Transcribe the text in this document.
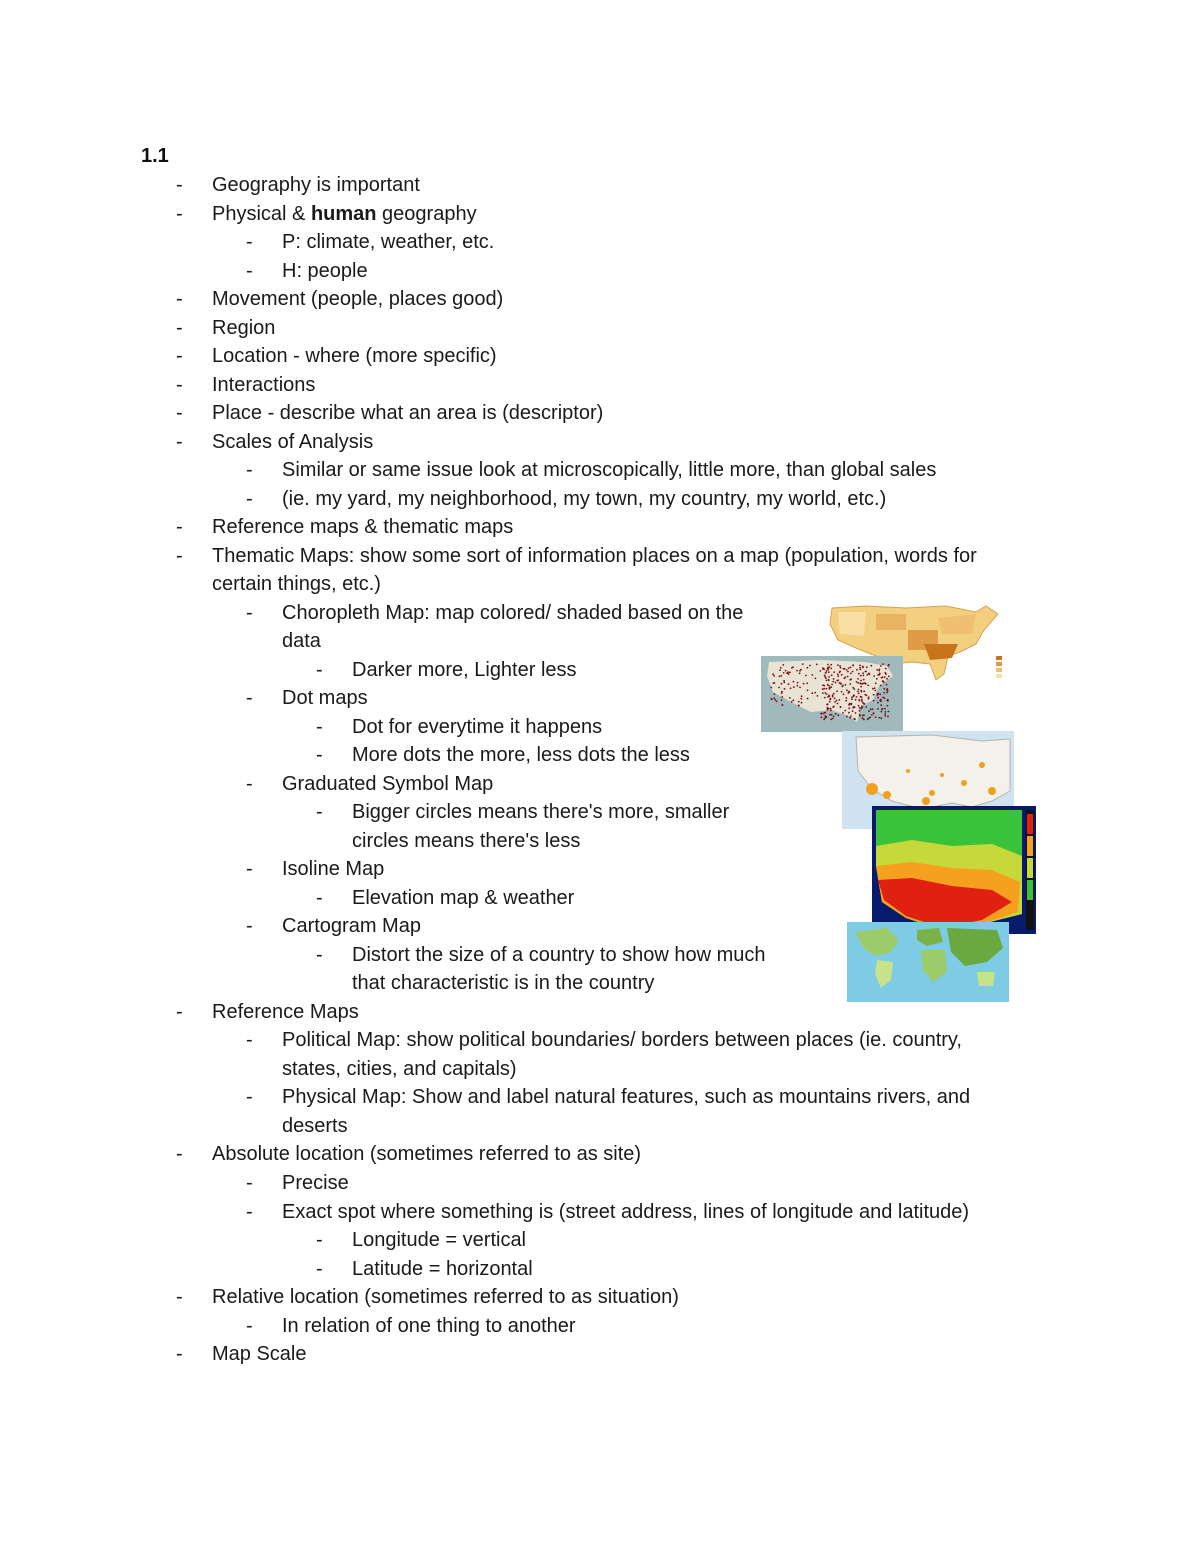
1.1
- Geography is important
- Physical & human geography
- P: climate, weather, etc.
- H: people
- Movement (people, places good)
- Region
- Location - where (more specific)
- Interactions
- Place - describe what an area is (descriptor)
- Scales of Analysis
- Similar or same issue look at microscopically, little more, than global sales
- (ie. my yard, my neighborhood, my town, my country, my world, etc.)
- Reference maps & thematic maps
- Thematic Maps: show some sort of information places on a map (population, words for
certain things, etc.)
- Choropleth Map: map colored/ shaded based on the
data
- Darker more, Lighter less
- Dot maps
- Dot for everytime it happens
- More dots the more, less dots the less
- Graduated Symbol Map
- Bigger circles means there's more, smaller
circles means there's less
- Isoline Map
- Elevation map & weather
- Cartogram Map
- Distort the size of a country to show how much
that characteristic is in the country
- Reference Maps
- Political Map: show political boundaries/ borders between places (ie. country,
states, cities, and capitals)
- Physical Map: Show and label natural features, such as mountains rivers, and
deserts
- Absolute location (sometimes referred to as site)
- Precise
- Exact spot where something is (street address, lines of longitude and latitude)
- Longitude = vertical
- Latitude = horizontal
- Relative location (sometimes referred to as situation)
- In relation of one thing to another
- Map Scale
